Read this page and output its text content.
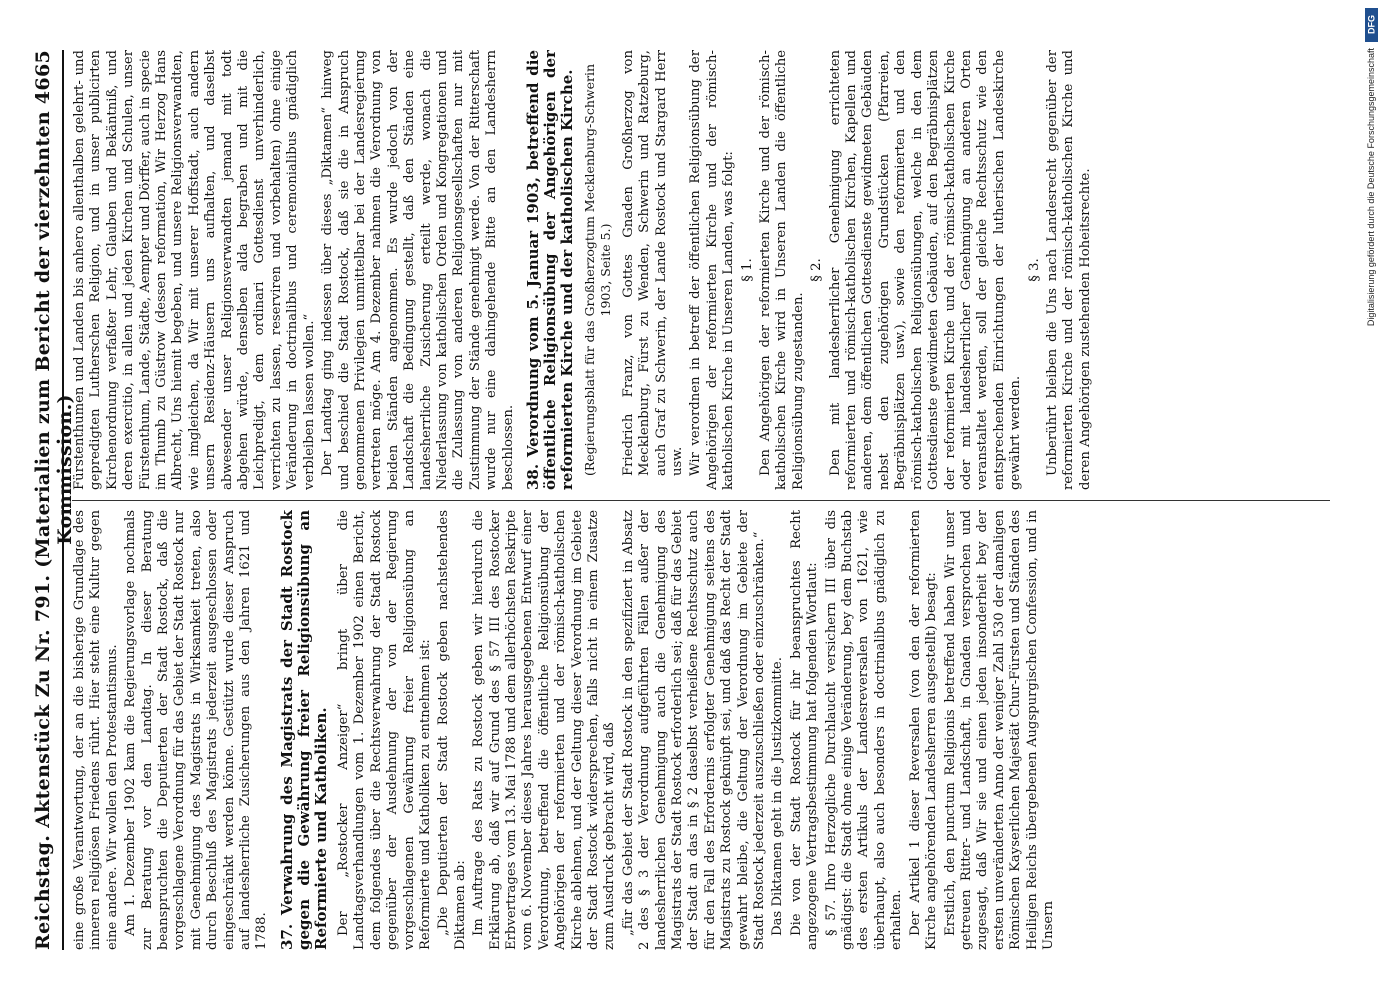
Reichstag.
Aktenstück Zu Nr. 791. (Materialien zum Bericht der vierzehnten Kommission.)
4665

eine große Verantwortung, der an die bisherige Grundlage des inneren religiösen Friedens rührt. Hier steht eine Kultur gegen eine andere. Wir wollen den Protestantismus. Am 1. Dezember 1902 kam die Regierungsvorlage nochmals zur Beratung vor den Landtag. In dieser Beratung beanspruchten die Deputierten der Stadt Rostock, daß die vorgeschlagene Verordnung für das Gebiet der Stadt Rostock nur mit Genehmigung des Magistrats in Wirksamkeit treten, also durch Beschluß des Magistrats jederzeit ausgeschlossen oder eingeschränkt werden könne. Gestützt wurde dieser Anspruch auf landesherrliche Zusicherungen aus den Jahren 1621 und 1788. 37. Verwahrung des Magistrats der Stadt Rostock gegen die Gewährung freier Religionsübung an Reformierte und Katholiken. Der „Rostocker Anzeiger“ bringt über die Landtagsverhandlungen vom 1. Dezember 1902 einen Bericht, dem folgendes über die Rechtsverwahrung der Stadt Rostock gegenüber der Ausdehnung der von der Regierung vorgeschlagenen Gewährung freier Religionsübung an Reformierte und Katholiken zu entnehmen ist: „Die Deputierten der Stadt Rostock geben nachstehendes Diktamen ab: Im Auftrage des Rats zu Rostock geben wir hierdurch die Erklärung ab, daß wir auf Grund des § 57 III des Rostocker Erbvertrages vom 13. Mai 1788 und dem allerhöchsten Reskripte vom 6. November dieses Jahres herausgegebenen Entwurf einer Verordnung, betreffend die öffentliche Religionsübung der Angehörigen der reformierten und der römisch-katholischen Kirche ablehnen, und der Geltung dieser Verordnung im Gebiete der Stadt Rostock widersprechen, falls nicht in einem Zusatze zum Ausdruck gebracht wird, daß „für das Gebiet der Stadt Rostock in den spezifiziert in Absatz 2 des § 3 der Verordnung aufgeführten Fällen außer der landesherrlichen Genehmigung auch die Genehmigung des Magistrats der Stadt Rostock erforderlich sei; daß für das Gebiet der Stadt an das in § 2 daselbst verheißene Rechtsschutz auch für den Fall des Erfordernis erfolgter Genehmigung seitens des Magistrats zu Rostock geknüpft sei, und daß das Recht der Stadt gewahrt bleibe, die Geltung der Verordnung im Gebiete der Stadt Rostock jederzeit auszuschließen oder einzuschränken.“ Das Diktamen geht in die Justizkommitte. Die von der Stadt Rostock für ihr beanspruchtes Recht angezogene Vertragsbestimmung hat folgenden Wortlaut: § 57. Ihro Herzogliche Durchlaucht versichern III über dis gnädigst: die Stadt ohne einige Veränderung, bey dem Buchstab des ersten Artikuls der Landesreversalen von 1621, wie überhaupt, also auch besonders in doctrinalibus gnädiglich zu erhalten. Der Artikel 1 dieser Reversalen (von den der reformierten Kirche angehörenden Landesherren ausgestellt) besagt: Erstlich, den punctum Religionis betreffend haben Wir unser getreuen Ritter- und Landschaft, in Gnaden versprochen und zugesagt, daß Wir sie und einen jeden insonderheit bey der ersten unveränderten Anno der weniger Zahl 530 der damaligen Römischen Kayserlichen Majestät Chur-Fürsten und Ständen des Heiligen Reichs übergebenen Augspurgischen Confession, und in Unsern

Fürstenthumen und Landen bis anhero allenthalben gelehrt- und gepredigten Lutherschen Religion, und in unser publicirten Kirchenordnung verfaßter Lehr, Glauben und Bekäntniß, und deren exercitio, in allen und jeden Kirchen und Schulen, unser Fürstenthum, Lande, Städte, Aempter und Dörffer, auch in specie im Thumb zu Güstrow (dessen reformation, Wir Herzog Hans Albrecht, Uns hiemit begeben, und unsere Religionsverwandten, wie imgleichen, da Wir mit unserer Hoffstadt, auch andern unsern Residenz-Häusern uns aufhalten, und daselbst abwesender unser Religionsverwandten jemand mit todt abgehen würde, denselben alda begraben und mit die Leichpredigt, dem ordinari Gottesdienst unverhinderlich, verrichten zu lassen, reserviren und vorbehalten) ohne einige Veränderung in doctrinalibus und ceremonialibus gnädiglich verbleiben lassen wollen.“ Der Landtag ging indessen über dieses „Diktamen“ hinweg und beschied die Stadt Rostock, daß sie die in Anspruch genommenen Privilegien unmittelbar bei der Landesregierung vertreten möge. Am 4. Dezember nahmen die Verordnung von beiden Ständen angenommen. Es wurde jedoch von der Landschaft die Bedingung gestellt, daß den Ständen eine landesherrliche Zusicherung erteilt werde, wonach die Niederlassung von katholischen Orden und Kongregationen und die Zulassung von anderen Religionsgesellschaften nur mit Zustimmung der Stände genehmigt werde. Von der Ritterschaft wurde nur eine dahingehende Bitte an den Landesherrn beschlossen. 38. Verordnung vom 5. Januar 1903, betreffend die öffentliche Religionsübung der Angehörigen der reformierten Kirche und der katholischen Kirche. (Regierungsblatt für das Großherzogtum Mecklenburg-Schwerin 1903, Seite 5.) Friedrich Franz, von Gottes Gnaden Großherzog von Mecklenburg, Fürst zu Wenden, Schwerin und Ratzeburg, auch Graf zu Schwerin, der Lande Rostock und Stargard Herr usw. Wir verordnen in betreff der öffentlichen Religionsübung der Angehörigen der reformierten Kirche und der römisch-katholischen Kirche in Unseren Landen, was folgt: § 1. Den Angehörigen der reformierten Kirche und der römisch-katholischen Kirche wird in Unseren Landen die öffentliche Religionsübung zugestanden.

§ 2. Den mit landesherrlicher Genehmigung errichteten reformierten und römisch-katholischen Kirchen, Kapellen und anderen, dem öffentlichen Gottesdienste gewidmeten Gebäuden nebst den zugehörigen Grundstücken (Pfarreien, Begräbnisplätzen usw.), sowie den reformierten und den römisch-katholischen Religionsübungen, welche in den dem Gottesdienste gewidmeten Gebäuden, auf den Begräbnisplätzen der reformierten Kirche und der römisch-katholischen Kirche oder mit landesherrlicher Genehmigung an anderen Orten veranstaltet werden, soll der gleiche Rechtsschutz wie den entsprechenden Einrichtungen der lutherischen Landeskirche gewährt werden.

§ 3. Unberührt bleiben die Uns nach Landesrecht gegenüber der reformierten Kirche und der römisch-katholischen Kirche und deren Angehörigen zustehenden Hoheitsrechte.

DFG
Digitalisierung gefördert durch die Deutsche Forschungsgemeinschaft
